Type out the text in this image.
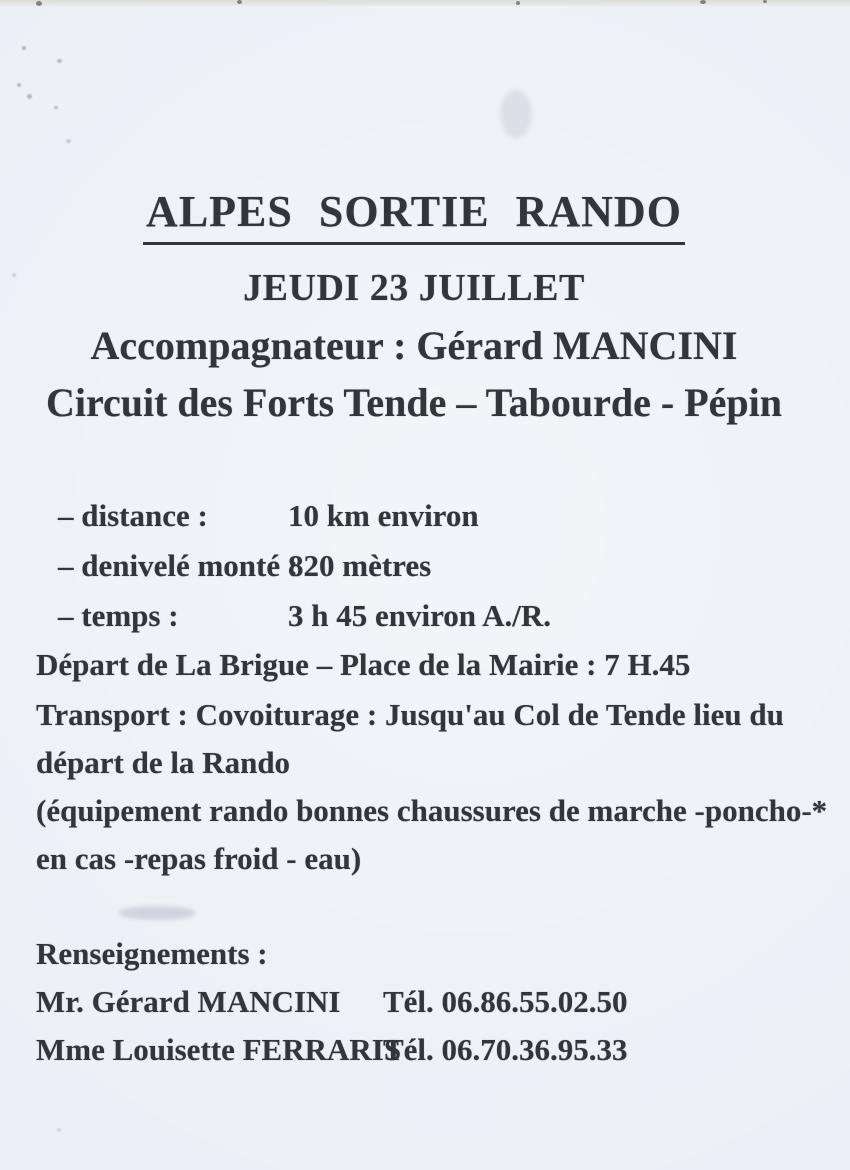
ALPES SORTIE RANDO
JEUDI 23 JUILLET
Accompagnateur : Gérard MANCINI
Circuit des Forts Tende – Tabourde - Pépin
– distance :	10 km environ
– denivelé monté :
820 mètres
– temps :	3 h 45 environ A./R.
Départ de La Brigue – Place de la Mairie : 7 H.45
Transport : Covoiturage : Jusqu'au Col de Tende lieu du
départ de la Rando
(équipement rando bonnes chaussures de marche -poncho-*
en cas -repas froid - eau)
Renseignements :
Mr. Gérard MANCINI Tél. 06.86.55.02.50
Mme Louisette FERRARIS
Tél. 06.70.36.95.33
